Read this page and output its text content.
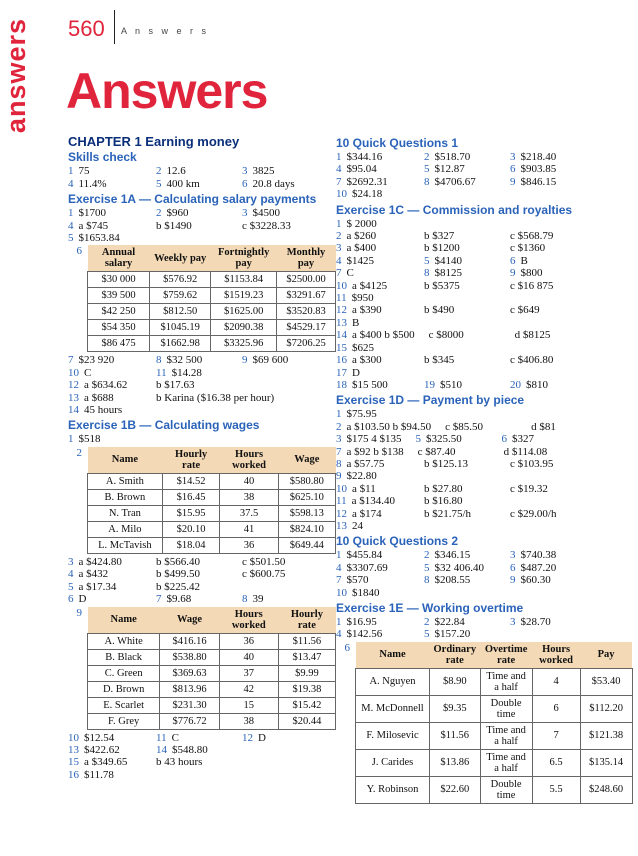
answers 560 A n s w e r s
Answers
CHAPTER 1 Earning money
Skills check
1 75	2 12.6	3 3825
4 11.4%	5 400 km	6 20.8 days
Exercise 1A — Calculating salary payments
1 $1700	2 $960	3 $4500
4 a $745	b $1490	c $3228.33
5 $1653.84
6 Annual salary	Weekly pay	Fortnightly pay	Monthly pay
$30 000	$576.92	$1153.84	$2500.00
$39 500	$759.62	$1519.23	$3291.67
$42 250	$812.50	$1625.00	$3520.83
$54 350	$1045.19	$2090.38	$4529.17
$86 475	$1662.98	$3325.96	$7206.25
7 $23 920	8 $32 500	9 $69 600
10 C	11 $14.28
12 a $634.62	b $17.63
13 a $688	b Karina ($16.38 per hour)
14 45 hours
Exercise 1B — Calculating wages
1 $518
2
Name	Hourly rate	Hours worked	Wage
A. Smith	$14.52	40	$580.80
B. Brown	$16.45	38	$625.10
N. Tran	$15.95	37.5	$598.13
A. Milo	$20.10	41	$824.10
L. McTavish	$18.04	36	$649.44
3 a $424.80	b $566.40	c $501.50
4 a $432	b $499.50	c $600.75
5 a $17.34	b $225.42
6 D	7 $9.68	8 39
9
Name	Wage	Hours worked	Hourly rate
A. White	$416.16	36	$11.56
B. Black	$538.80	40	$13.47
C. Green	$369.63	37	$9.99
D. Brown	$813.96	42	$19.38
E. Scarlet	$231.30	15	$15.42
F. Grey	$776.72	38	$20.44
10 $12.54	11 C	12 D
13 $422.62	14 $548.80
15 a $349.65	b 43 hours
16 $11.78
10 Quick Questions 1
1 $344.16	2 $518.70	3 $218.40
4 $95.04	5 $12.87	6 $903.85
7 $2692.31	8 $4706.67	9 $846.15
10 $24.18
Exercise 1C — Commission and royalties
1 $ 2000
2 a $260	b $327	c $568.79
3 a $400	b $1200	c $1360
4 $1425	5 $4140	6 B
7 C	8 $8125	9 $800
10 a $4125	b $5375	c $16 875
11 $950
12 a $390	b $490	c $649
13 B
14 a $400 b $500 c $8000	d $8125
15 $625
16 a $300	b $345	c $406.80
17 D
18 $15 500	19 $510	20 $810
Exercise 1D — Payment by piece
1 $75.95
2 a $103.50 b $94.50 c $85.50	d $81
3 $175 4 $135 5 $325.50	6 $327
7 a $92 b $138 c $87.40	d $114.08
8 a $57.75	b $125.13	c $103.95
9 $22.80
10 a $11	b $27.80	c $19.32
11 a $134.40	b $16.80
12 a $174	b $21.75/h	c $29.00/h
13 24
10 Quick Questions 2
1 $455.84	2 $346.15	3 $740.38
4 $3307.69	5 $32 406.40	6 $487.20
7 $570	8 $208.55	9 $60.30
10 $1840
Exercise 1E — Working overtime
1 $16.95	2 $22.84	3 $28.70
4 $142.56	5 $157.20
6
Name	Ordinary rate	Overtime rate	Hours worked	Pay
A. Nguyen	$8.90	Time and a half	4	$53.40
M. McDonnell	$9.35	Double time	6	$112.20
F. Milosevic	$11.56	Time and a half	7	$121.38
J. Carides	$13.86	Time and a half	6.5	$135.14
Y. Robinson	$22.60	Double time	5.5	$248.60
